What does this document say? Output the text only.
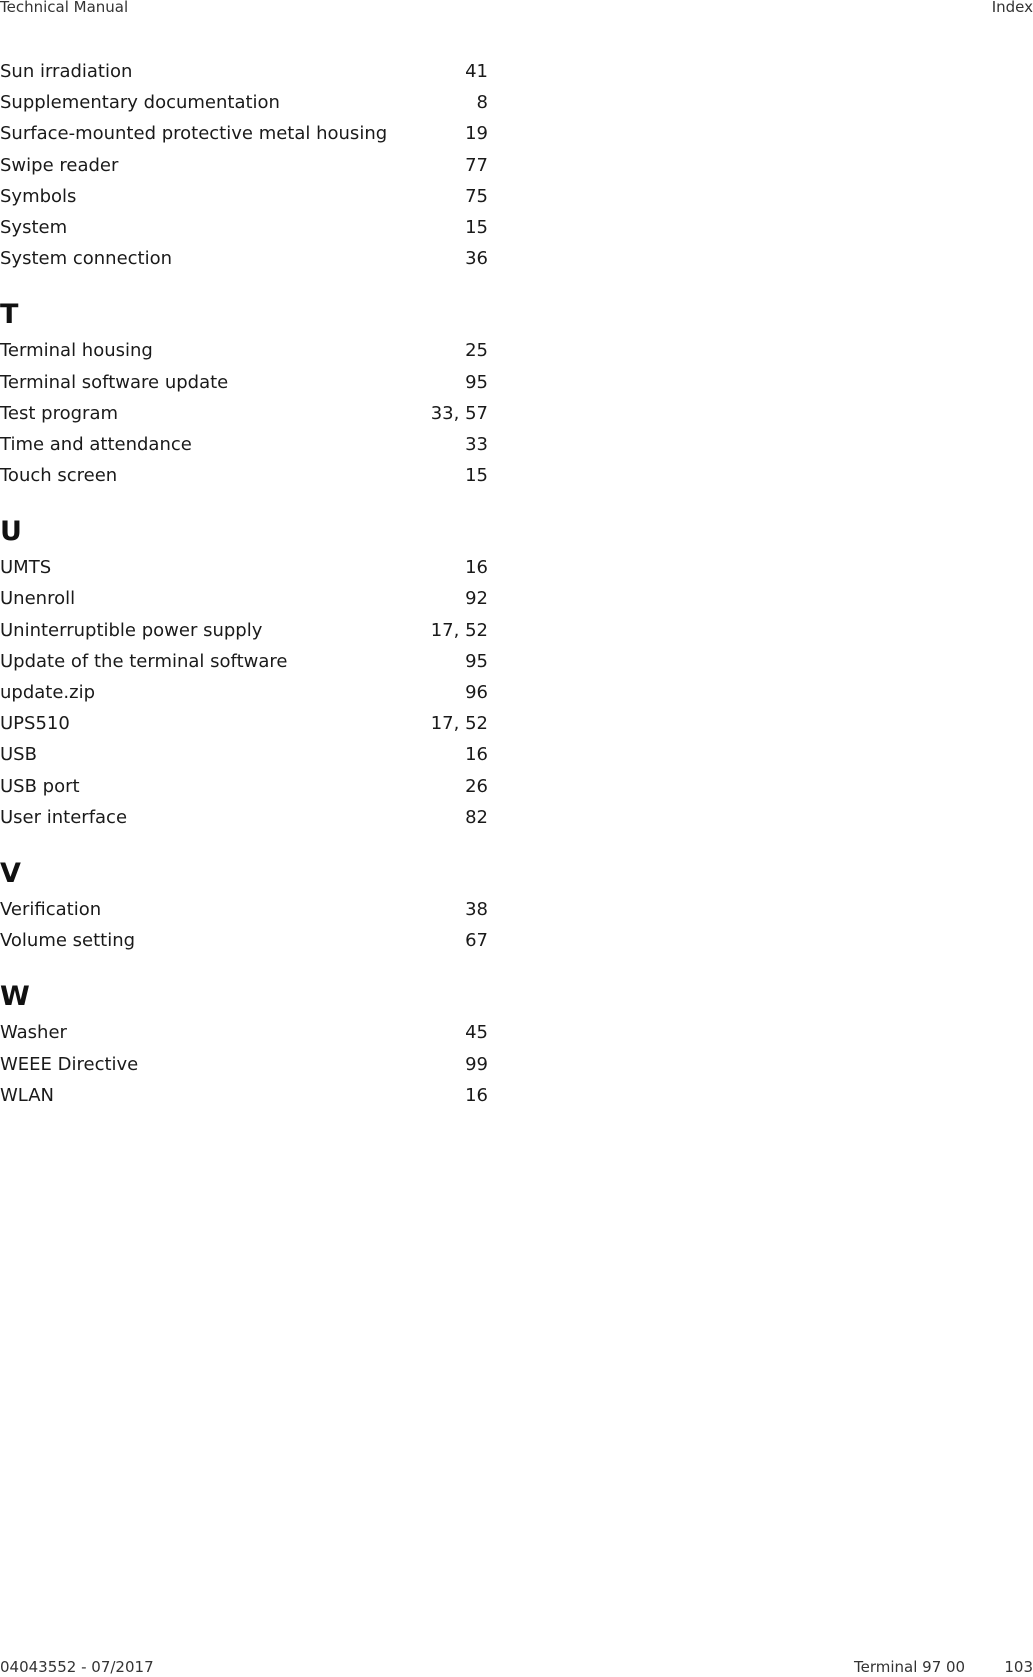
Technical Manual	Index
Sun irradiation	41
Supplementary documentation	8
Surface-mounted protective metal housing	19
Swipe reader	77
Symbols	75
System	15
System connection	36
T
Terminal housing	25
Terminal software update	95
Test program	33, 57
Time and attendance	33
Touch screen	15
U
UMTS	16
Unenroll	92
Uninterruptible power supply	17, 52
Update of the terminal software	95
update.zip	96
UPS510	17, 52
USB	16
USB port	26
User interface	82
V
Verification	38
Volume setting	67
W
Washer	45
WEEE Directive	99
WLAN	16
04043552 - 07/2017	Terminal 97 00	103
